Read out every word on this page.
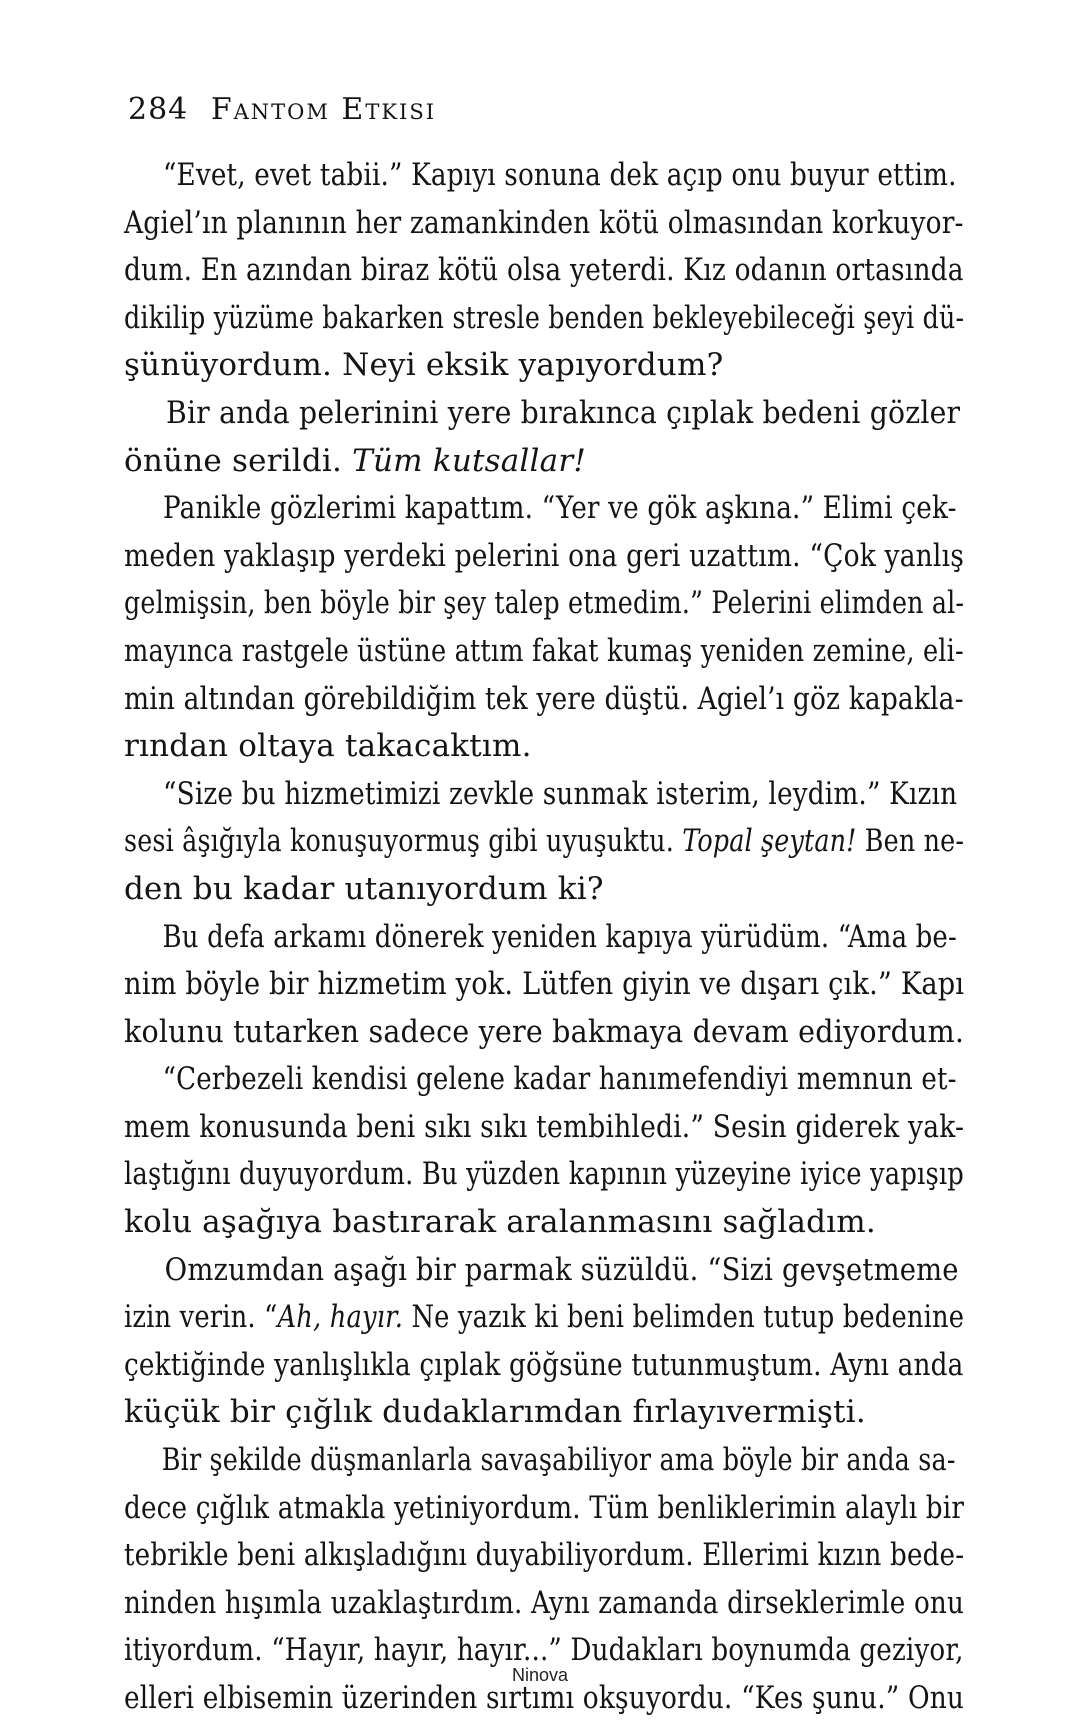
284 Fantom Etkisi
“Evet, evet tabii.” Kapıyı sonuna dek açıp onu buyur ettim.
Agiel’ın planının her zamankinden kötü olmasından korkuyor-
dum. En azından biraz kötü olsa yeterdi. Kız odanın ortasında
dikilip yüzüme bakarken stresle benden bekleyebileceği şeyi dü-
şünüyordum. Neyi eksik yapıyordum?
Bir anda pelerinini yere bırakınca çıplak bedeni gözler
önüne serildi. Tüm kutsallar!
Panikle gözlerimi kapattım. “Yer ve gök aşkına.” Elimi çek-
meden yaklaşıp yerdeki pelerini ona geri uzattım. “Çok yanlış
gelmişsin, ben böyle bir şey talep etmedim.” Pelerini elimden al-
mayınca rastgele üstüne attım fakat kumaş yeniden zemine, eli-
min altından görebildiğim tek yere düştü. Agiel’ı göz kapakla-
rından oltaya takacaktım.
“Size bu hizmetimizi zevkle sunmak isterim, leydim.” Kızın
sesi âşığıyla konuşuyormuş gibi uyuşuktu. Topal şeytan! Ben ne-
den bu kadar utanıyordum ki?
Bu defa arkamı dönerek yeniden kapıya yürüdüm. “Ama be-
nim böyle bir hizmetim yok. Lütfen giyin ve dışarı çık.” Kapı
kolunu tutarken sadece yere bakmaya devam ediyordum.
“Cerbezeli kendisi gelene kadar hanımefendiyi memnun et-
mem konusunda beni sıkı sıkı tembihledi.” Sesin giderek yak-
laştığını duyuyordum. Bu yüzden kapının yüzeyine iyice yapışıp
kolu aşağıya bastırarak aralanmasını sağladım.
Omzumdan aşağı bir parmak süzüldü. “Sizi gevşetmeme
izin verin. “Ah, hayır. Ne yazık ki beni belimden tutup bedenine
çektiğinde yanlışlıkla çıplak göğsüne tutunmuştum. Aynı anda
küçük bir çığlık dudaklarımdan fırlayıvermişti.
Bir şekilde düşmanlarla savaşabiliyor ama böyle bir anda sa-
dece çığlık atmakla yetiniyordum. Tüm benliklerimin alaylı bir
tebrikle beni alkışladığını duyabiliyordum. Ellerimi kızın bede-
ninden hışımla uzaklaştırdım. Aynı zamanda dirseklerimle onu
itiyordum. “Hayır, hayır, hayır...” Dudakları boynumda geziyor,
elleri elbisemin üzerinden sırtımı okşuyordu. “Kes şunu.” Onu
Ninova
